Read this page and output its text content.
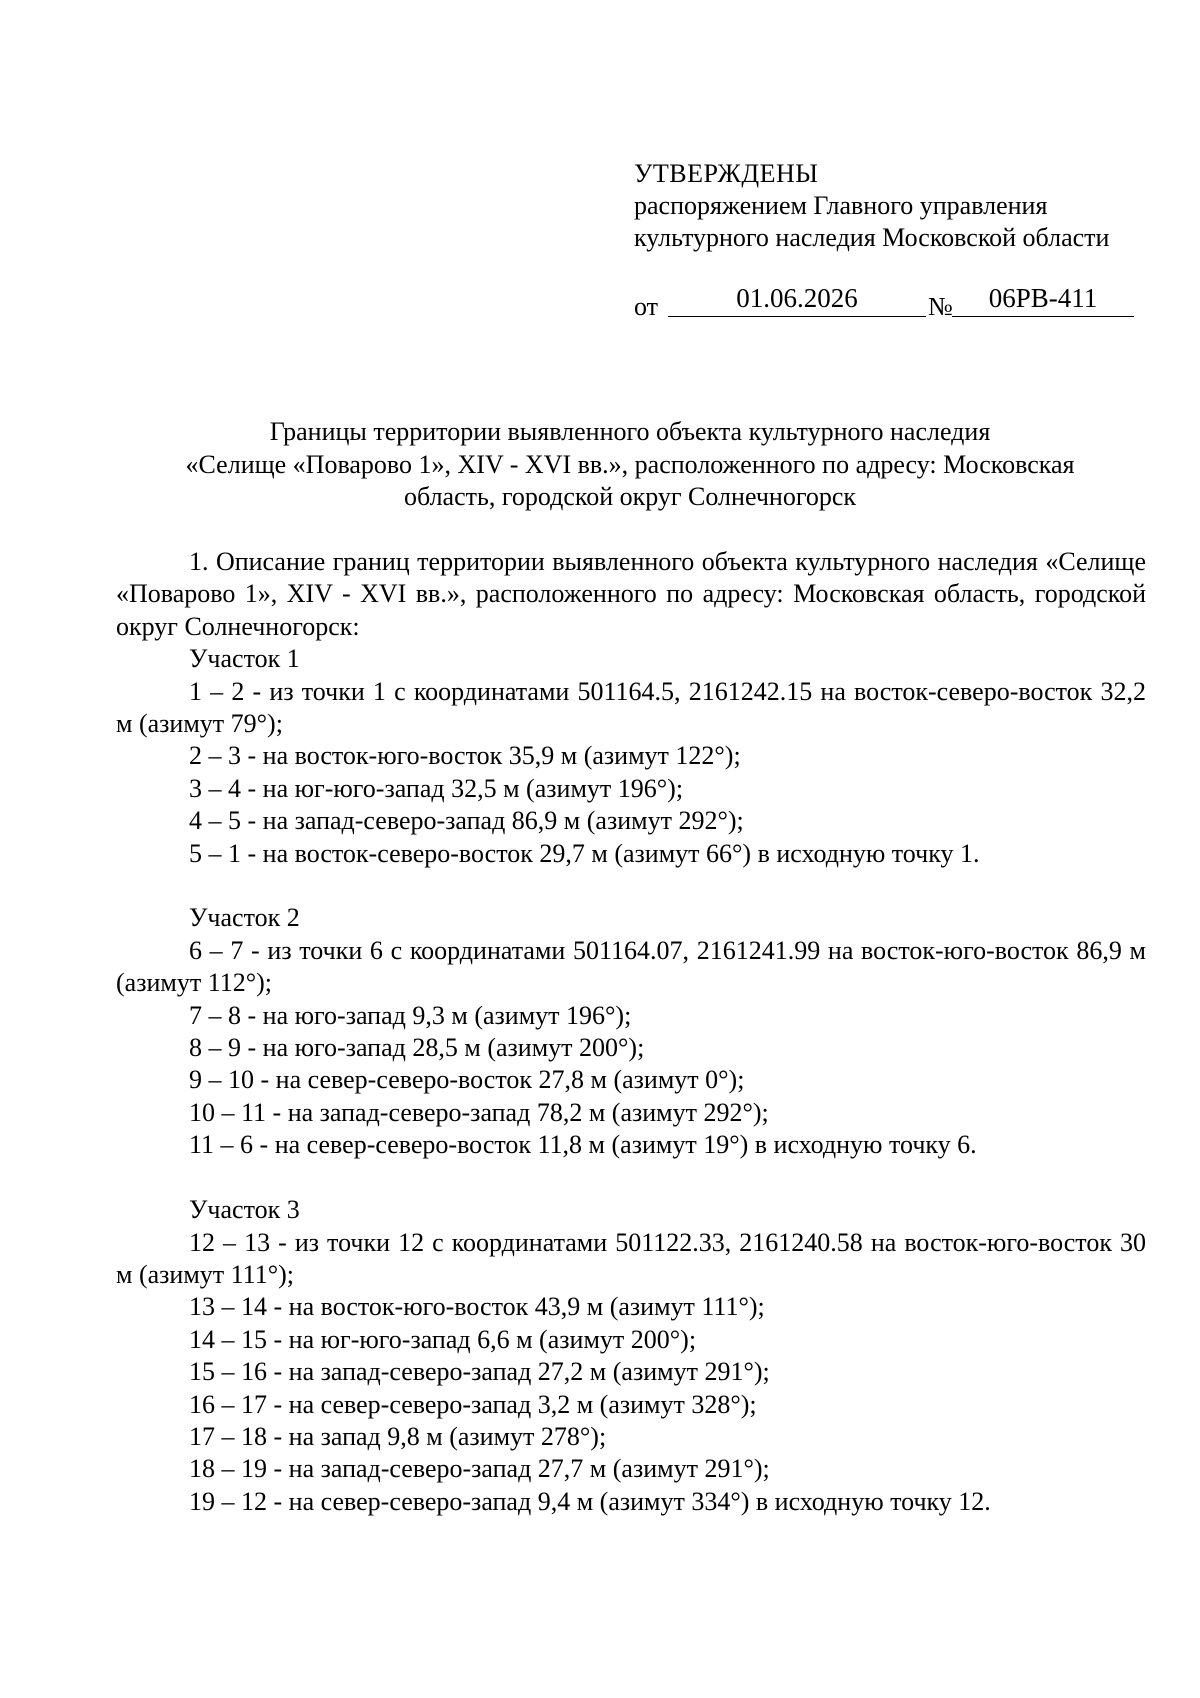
УТВЕРЖДЕНЫ
распоряжением Главного управления
культурного наследия Московской области
от	01.06.2026	№	06РВ-411
Границы территории выявленного объекта культурного наследия
«Селище «Поварово 1», XIV - XVI вв.», расположенного по адресу: Московская
область, городской округ Солнечногорск

1. Описание границ территории выявленного объекта культурного наследия «Селище «Поварово 1», XIV - XVI вв.», расположенного по адресу: Московская область, городской округ Солнечногорск:

Участок 1

1 – 2 - из точки 1 с координатами 501164.5, 2161242.15 на восток-северо-восток 32,2 м (азимут 79°);

2 – 3 - на восток-юго-восток 35,9 м (азимут 122°);

3 – 4 - на юг-юго-запад 32,5 м (азимут 196°);

4 – 5 - на запад-северо-запад 86,9 м (азимут 292°);

5 – 1 - на восток-северо-восток 29,7 м (азимут 66°) в исходную точку 1.

Участок 2

6 – 7 - из точки 6 с координатами 501164.07, 2161241.99 на восток-юго-восток 86,9 м (азимут 112°);

7 – 8 - на юго-запад 9,3 м (азимут 196°);

8 – 9 - на юго-запад 28,5 м (азимут 200°);

9 – 10 - на север-северо-восток 27,8 м (азимут 0°);

10 – 11 - на запад-северо-запад 78,2 м (азимут 292°);

11 – 6 - на север-северо-восток 11,8 м (азимут 19°) в исходную точку 6.

Участок 3

12 – 13 - из точки 12 с координатами 501122.33, 2161240.58 на восток-юго-восток 30 м (азимут 111°);

13 – 14 - на восток-юго-восток 43,9 м (азимут 111°);

14 – 15 - на юг-юго-запад 6,6 м (азимут 200°);

15 – 16 - на запад-северо-запад 27,2 м (азимут 291°);

16 – 17 - на север-северо-запад 3,2 м (азимут 328°);

17 – 18 - на запад 9,8 м (азимут 278°);

18 – 19 - на запад-северо-запад 27,7 м (азимут 291°);

19 – 12 - на север-северо-запад 9,4 м (азимут 334°) в исходную точку 12.
